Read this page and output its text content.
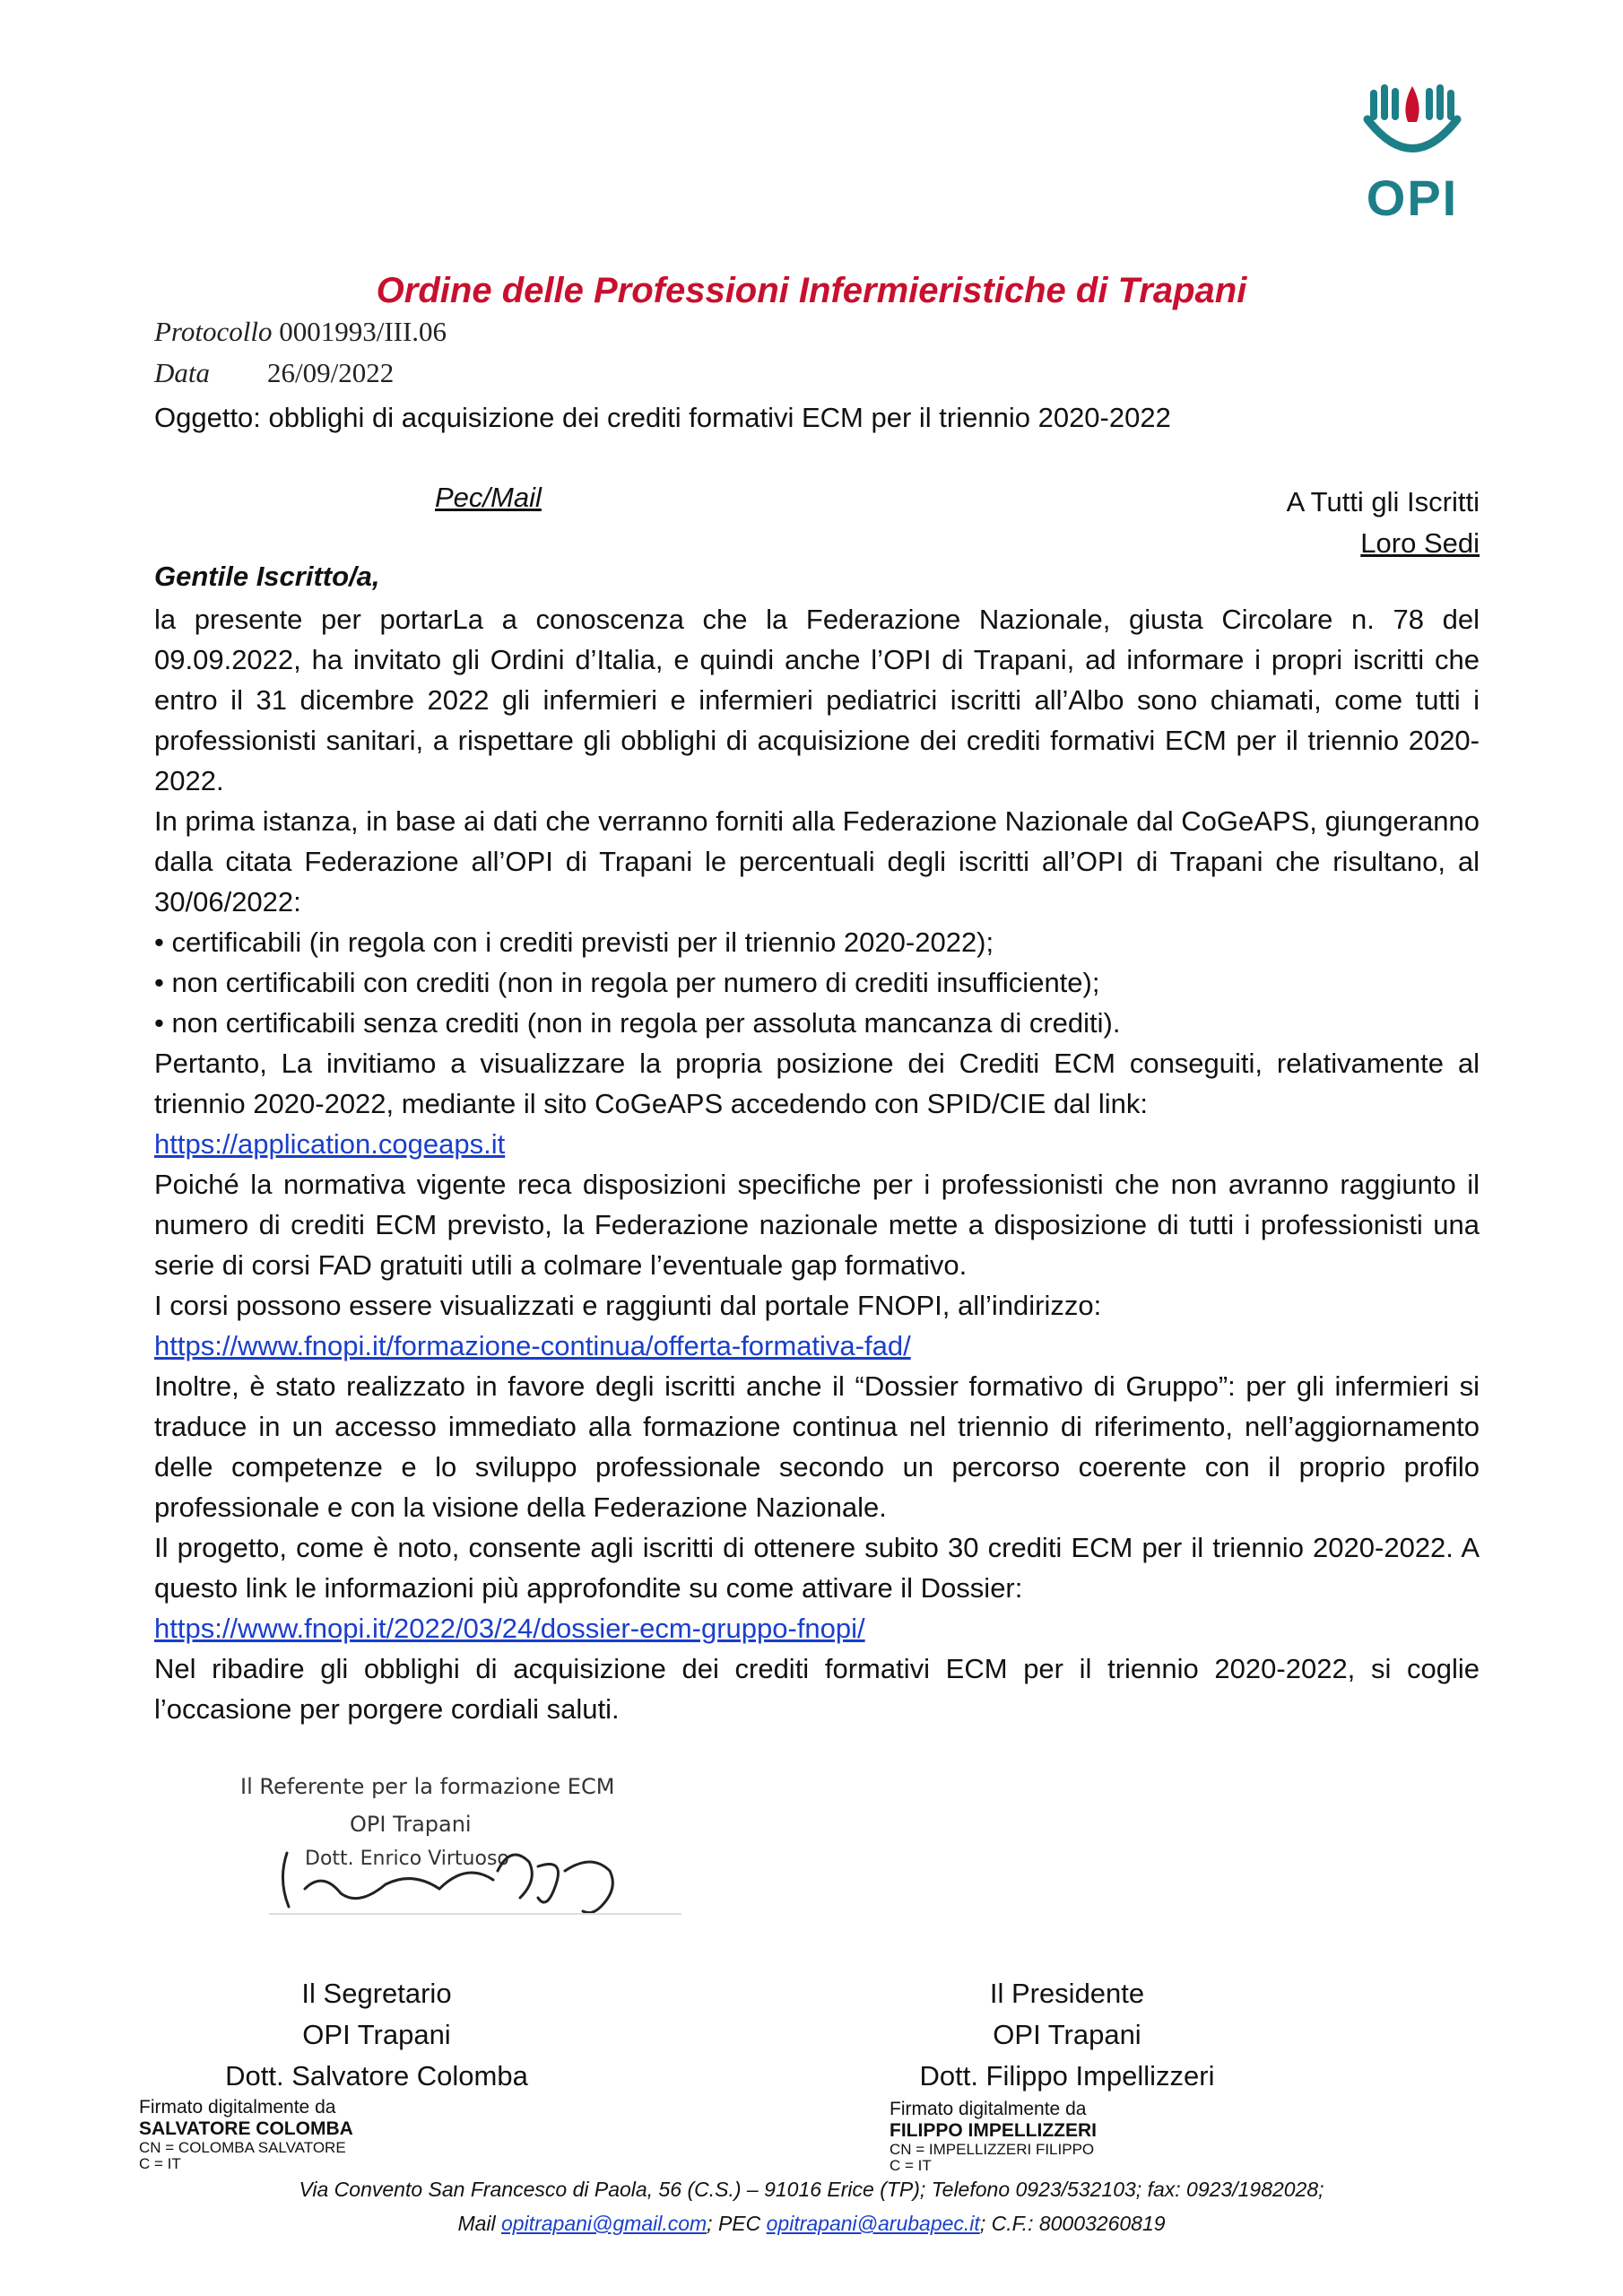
OPI
Ordine delle Professioni Infermieristiche di Trapani
Protocollo 0001993/III.06
Data 26/09/2022
Oggetto: obblighi di acquisizione dei crediti formativi ECM per il triennio 2020-2022
Pec/Mail	A Tutti gli Iscritti
Loro Sedi
Gentile Iscritto/a,

la presente per portarLa a conoscenza che la Federazione Nazionale, giusta Circolare n. 78 del 09.09.2022, ha invitato gli Ordini d’Italia, e quindi anche l’OPI di Trapani, ad informare i propri iscritti che entro il 31 dicembre 2022 gli infermieri e infermieri pediatrici iscritti all’Albo sono chiamati, come tutti i professionisti sanitari, a rispettare gli obblighi di acquisizione dei crediti formativi ECM per il triennio 2020-2022.

In prima istanza, in base ai dati che verranno forniti alla Federazione Nazionale dal CoGeAPS, giungeranno dalla citata Federazione all’OPI di Trapani le percentuali degli iscritti all’OPI di Trapani che risultano, al 30/06/2022:

• certificabili (in regola con i crediti previsti per il triennio 2020-2022);

• non certificabili con crediti (non in regola per numero di crediti insufficiente);

• non certificabili senza crediti (non in regola per assoluta mancanza di crediti).

Pertanto, La invitiamo a visualizzare la propria posizione dei Crediti ECM conseguiti, relativamente al triennio 2020-2022, mediante il sito CoGeAPS accedendo con SPID/CIE dal link:

https://application.cogeaps.it

Poiché la normativa vigente reca disposizioni specifiche per i professionisti che non avranno raggiunto il numero di crediti ECM previsto, la Federazione nazionale mette a disposizione di tutti i professionisti una serie di corsi FAD gratuiti utili a colmare l’eventuale gap formativo.

I corsi possono essere visualizzati e raggiunti dal portale FNOPI, all’indirizzo:

https://www.fnopi.it/formazione-continua/offerta-formativa-fad/

Inoltre, è stato realizzato in favore degli iscritti anche il “Dossier formativo di Gruppo”: per gli infermieri si traduce in un accesso immediato alla formazione continua nel triennio di riferimento, nell’aggiornamento delle competenze e lo sviluppo professionale secondo un percorso coerente con il proprio profilo professionale e con la visione della Federazione Nazionale.

Il progetto, come è noto, consente agli iscritti di ottenere subito 30 crediti ECM per il triennio 2020-2022. A questo link le informazioni più approfondite su come attivare il Dossier:

https://www.fnopi.it/2022/03/24/dossier-ecm-gruppo-fnopi/

Nel ribadire gli obblighi di acquisizione dei crediti formativi ECM per il triennio 2020-2022, si coglie l’occasione per porgere cordiali saluti.

Il Referente per la formazione ECM
OPI Trapani
Dott. Enrico Virtuoso
Il Segretario
OPI Trapani
Dott. Salvatore Colomba
Il Presidente
OPI Trapani
Dott. Filippo Impellizzeri
Firmato digitalmente da
SALVATORE COLOMBA
CN = COLOMBA SALVATORE
C = IT
Firmato digitalmente da
FILIPPO IMPELLIZZERI
CN = IMPELLIZZERI FILIPPO
C = IT
Via Convento San Francesco di Paola, 56 (C.S.) – 91016 Erice (TP); Telefono 0923/532103; fax: 0923/1982028;
Mail opitrapani@gmail.com; PEC opitrapani@arubapec.it; C.F.: 80003260819
